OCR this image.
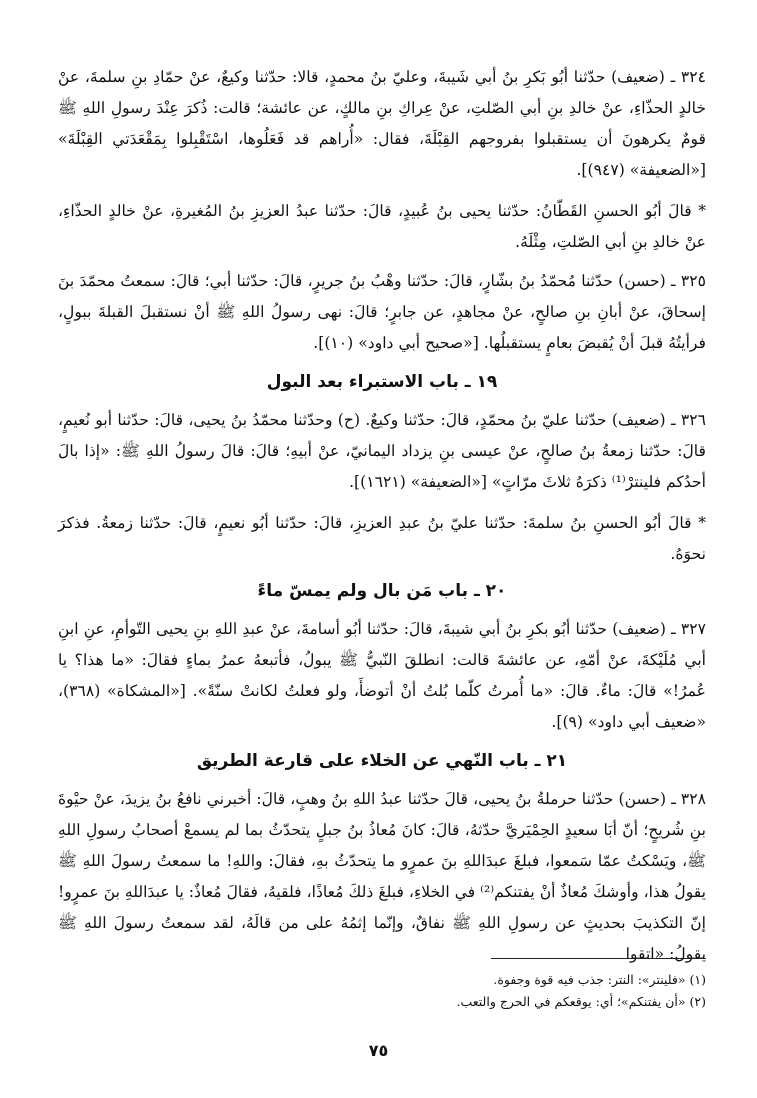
٣٢٤ ـ (ضعيف) حدّثنا أبُو بَكرِ بنُ أبي شَيبةَ، وعليّ بنُ محمدٍ، قالا: حدّثنا وكيعٌ، عنْ حمّادِ بنِ سلمةَ، عنْ خالدٍ الحذّاءِ، عنْ خالدِ بنِ أبي الصّلتِ، عنْ عِراكِ بنِ مالكٍ، عن عائشة؛ قالت: ذُكرَ عِنْدَ رسولِ اللهِ ﷺ قومٌ يكرهونَ أن يستقبلوا بفروجهم القِبْلَةَ، فقال: «أُراهم قد فَعَلُوها، اسْتَقْبِلوا بِمَقْعَدَتي القِبْلَةَ» [«الضعيفة» (٩٤٧)].

* قالَ أبُو الحسنِ القَطّانُ: حدّثنا يحيى بنُ عُبيدٍ، قالَ: حدّثنا عبدُ العزيزِ بنُ المُغيرةِ، عنْ خالدٍ الحذّاءِ، عنْ خالدِ بنِ أبي الصّلتِ، مِثْلَهُ.

٣٢٥ ـ (حسن) حدّثنا مُحمّدُ بنُ بشّارٍ، قالَ: حدّثنا وهْبُ بنُ جريرٍ، قالَ: حدّثنا أبي؛ قالَ: سمعتُ محمّدَ بنَ إسحاقَ، عنْ أبانِ بنِ صالحٍ، عنْ مجاهدٍ، عن جابرٍ؛ قالَ: نهى رسولُ اللهِ ﷺ أنْ نستقبلَ القبلةَ ببولٍ، فرأيتُهُ قبلَ أنْ يُقبضَ بعامٍ يستقبلُها. [«صحيح أبي داود» (١٠)].

١٩ ـ باب الاستبراء بعد البول

٣٢٦ ـ (ضعيف) حدّثنا عليّ بنُ محمّدٍ، قالَ: حدّثنا وكيعٌ. (ح) وحدّثنا محمّدُ بنُ يحيى، قالَ: حدّثنا أبو نُعيمٍ، قالَ: حدّثنا زمعةُ بنُ صالحٍ، عنْ عيسى بنِ يزداد اليمانيّ، عنْ أبيهِ؛ قالَ: قالَ رسولُ اللهِ ﷺ: «إذا بالَ أحدُكم فلينترْ⁽¹⁾ ذكرَهُ ثلاثَ مرّاتٍ» [«الضعيفة» (١٦٢١)].

* قالَ أبُو الحسنِ بنُ سلمةَ: حدّثنا عليّ بنُ عبدِ العزيزِ، قالَ: حدّثنا أبُو نعيمٍ، قالَ: حدّثنا زمعةُ. فذكرَ نحوَهُ.

٢٠ ـ باب مَن بال ولم يمسّ ماءً

٣٢٧ ـ (ضعيف) حدّثنا أبُو بكرِ بنُ أبي شيبةَ، قالَ: حدّثنا أبُو أسامةَ، عنْ عبدِ اللهِ بنِ يحيى التّوأمِ، عنِ ابنِ أبي مُلَيْكةَ، عنْ أمّهِ، عن عائشةَ قالت: انطلقَ النّبيُّ ﷺ يبولُ، فأتبعهُ عمرُ بماءٍ فقالَ: «ما هذا؟ يا عُمرُ!» قالَ: ماءٌ. قالَ: «ما أُمرتُ كلّما بُلتُ أنْ أتوضأَ، ولو فعلتُ لكانتْ سنّةً». [«المشكاة» (٣٦٨)، «ضعيف أبي داود» (٩)].

٢١ ـ باب النّهي عن الخلاء على قارعة الطريق

٣٢٨ ـ (حسن) حدّثنا حرملةُ بنُ يحيى، قالَ حدّثنا عبدُ اللهِ بنُ وهبٍ، قالَ: أخبرني نافعُ بنُ يزيدَ، عنْ حيْوةَ بنِ شُريحٍ؛ أنّ أبَا سعيدٍ الحِمْيَريَّ حدّثهُ، قالَ: كانَ مُعاذُ بنُ جبلٍ يتحدّثُ بما لم يسمعْ أصحابُ رسولِ اللهِ ﷺ، ويَسْكتُ عمّا سَمعوا، فبلغَ عبدَاللهِ بنَ عمرٍو ما يتحدّثُ بهِ، فقالَ: واللهِ! ما سمعتُ رسولَ اللهِ ﷺ يقولُ هذا، وأوشكَ مُعاذٌ أنْ يفتنكم⁽²⁾ في الخلاءِ، فبلغَ ذلكَ مُعاذًا، فلقيهُ، فقالَ مُعاذٌ: يا عبدَاللهِ بنَ عمرٍو! إنّ التكذيبَ بحديثٍ عن رسولِ اللهِ ﷺ نفاقٌ، وإنّما إثمُهُ على من قالَهُ، لقد سمعتُ رسولَ اللهِ ﷺ يقولُ: «اتقوا

(١) «فلينتر»: النتر: جذب فيه قوة وجفوة.
(٢) «أن يفتنكم»؛ أي: يوقعكم في الحرج والتعب.
٧٥
